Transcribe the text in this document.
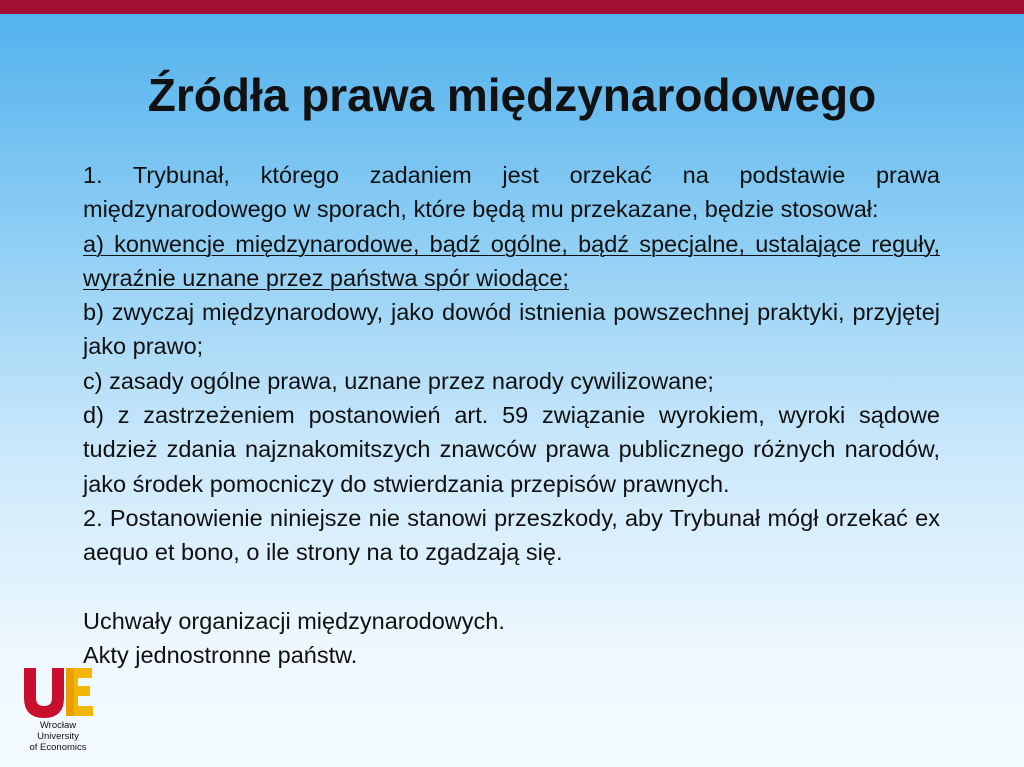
Źródła prawa międzynarodowego

1. Trybunał, którego zadaniem jest orzekać na podstawie prawa międzynarodowego w sporach, które będą mu przekazane, będzie stosował:

a) konwencje międzynarodowe, bądź ogólne, bądź specjalne, ustalające reguły, wyraźnie uznane przez państwa spór wiodące;

b) zwyczaj międzynarodowy, jako dowód istnienia powszechnej praktyki, przyjętej jako prawo;

c) zasady ogólne prawa, uznane przez narody cywilizowane;

d) z zastrzeżeniem postanowień art. 59 związanie wyrokiem, wyroki sądowe tudzież zdania najznakomitszych znawców prawa publicznego różnych narodów, jako środek pomocniczy do stwierdzania przepisów prawnych.

2. Postanowienie niniejsze nie stanowi przeszkody, aby Trybunał mógł orzekać ex aequo et bono, o ile strony na to zgadzają się.

Uchwały organizacji międzynarodowych.

Akty jednostronne państw.

Wrocław
University
of Economics
